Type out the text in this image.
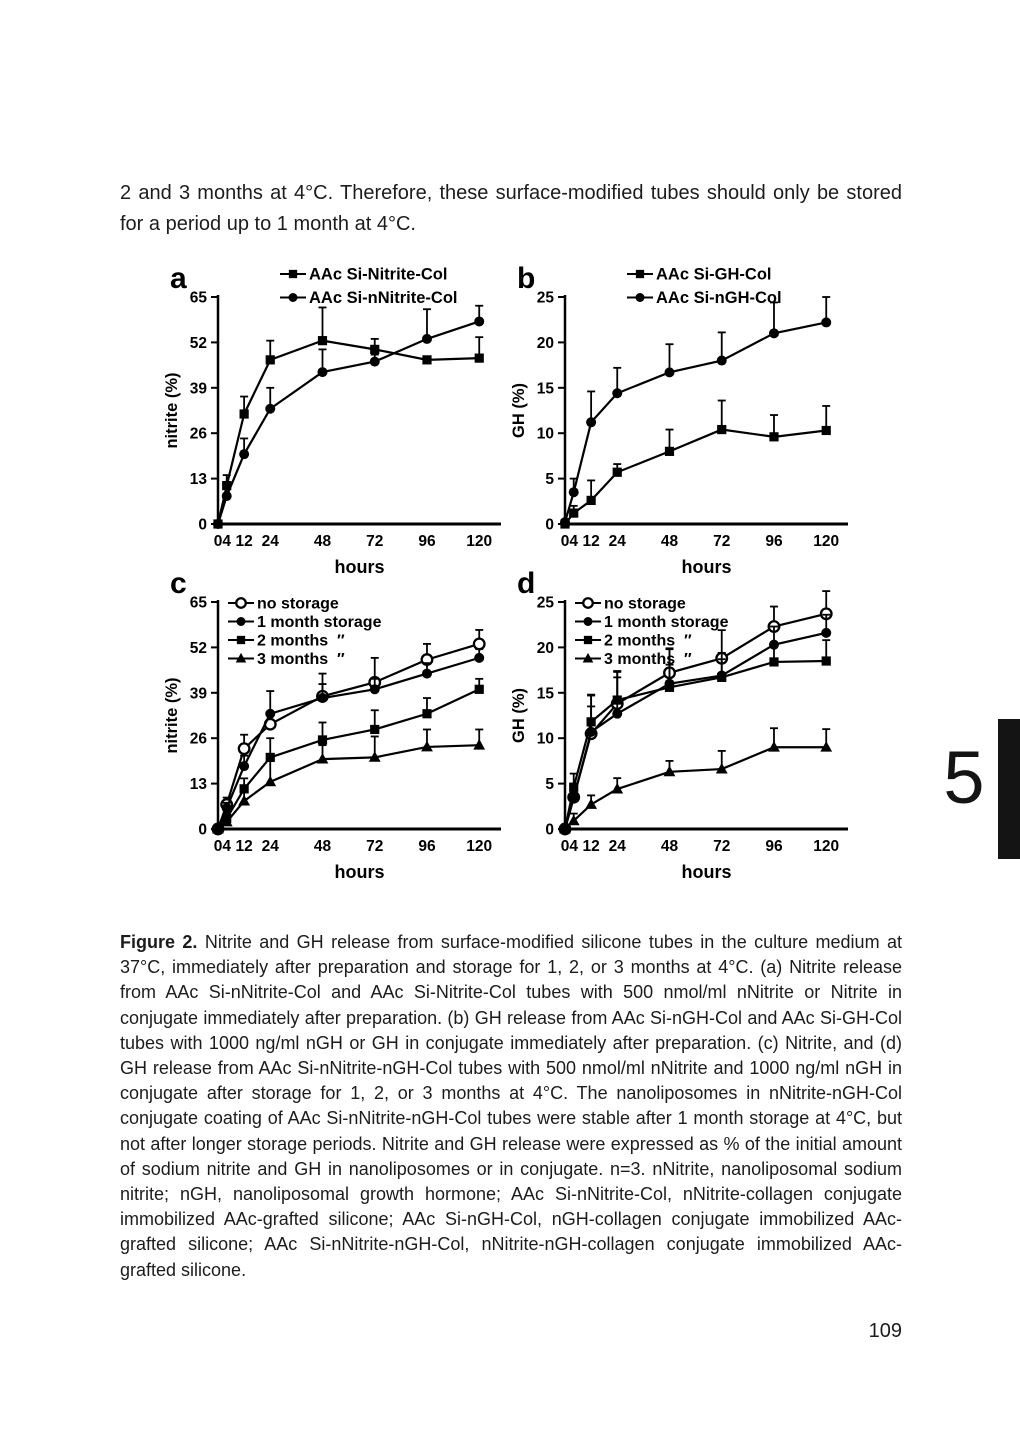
2 and 3 months at 4°C. Therefore, these surface-modified tubes should only be stored for a period up to 1 month at 4°C.

a
0
13
26
39
52
65
0 4 12 24 48 72 96 120
hours
nitrite (%)
AAc Si-Nitrite-Col
AAc Si-nNitrite-Col
b
0
5
10
15
20
25
0 4 12 24 48 72 96 120
hours
GH (%)
AAc Si-GH-Col
AAc Si-nGH-Col
c
0
13
26
39
52
65
0 4 12 24 48 72 96 120
hours
nitrite (%)
no storage
1 month storage
2 months  ″
3 months  ″
d
0
5
10
15
20
25
0 4 12 24 48 72 96 120
hours
GH (%)
no storage
1 month storage
2 months  ″
3 months  ″

Figure 2. Nitrite and GH release from surface-modified silicone tubes in the culture medium at 37°C, immediately after preparation and storage for 1, 2, or 3 months at 4°C. (a) Nitrite release from AAc Si-nNitrite-Col and AAc Si-Nitrite-Col tubes with 500 nmol/ml nNitrite or Nitrite in conjugate immediately after preparation. (b) GH release from AAc Si-nGH-Col and AAc Si-GH-Col tubes with 1000 ng/ml nGH or GH in conjugate immediately after preparation. (c) Nitrite, and (d) GH release from AAc Si-nNitrite-nGH-Col tubes with 500 nmol/ml nNitrite and 1000 ng/ml nGH in conjugate after storage for 1, 2, or 3 months at 4°C. The nanoliposomes in nNitrite-nGH-Col conjugate coating of AAc Si-nNitrite-nGH-Col tubes were stable after 1 month storage at 4°C, but not after longer storage periods. Nitrite and GH release were expressed as % of the initial amount of sodium nitrite and GH in nanoliposomes or in conjugate. n=3. nNitrite, nanoliposomal sodium nitrite; nGH, nanoliposomal growth hormone; AAc Si-nNitrite-Col, nNitrite-collagen conjugate immobilized AAc-grafted silicone; AAc Si-nGH-Col, nGH-collagen conjugate immobilized AAc-grafted silicone; AAc Si-nNitrite-nGH-Col, nNitrite-nGH-collagen conjugate immobilized AAc-grafted silicone.

5
109
